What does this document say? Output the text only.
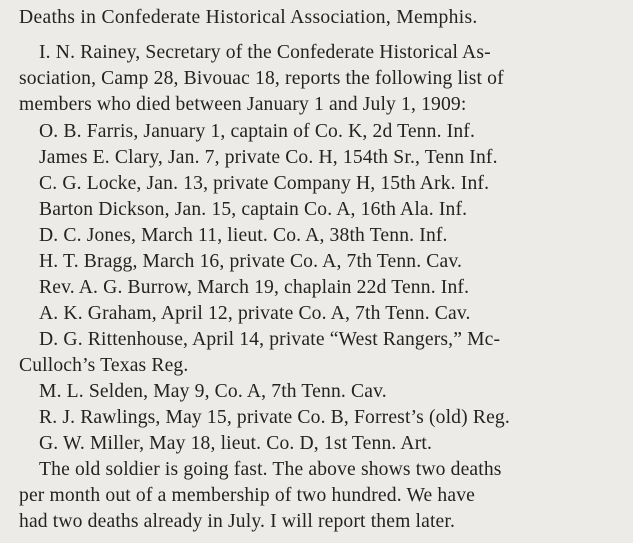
Deaths in Confederate Historical Association, Memphis.
I. N. Rainey, Secretary of the Confederate Historical As-
sociation, Camp 28, Bivouac 18, reports the following list of
members who died between January 1 and July 1, 1909:
O. B. Farris, January 1, captain of Co. K, 2d Tenn. Inf.
James E. Clary, Jan. 7, private Co. H, 154th Sr., Tenn Inf.
C. G. Locke, Jan. 13, private Company H, 15th Ark. Inf.
Barton Dickson, Jan. 15, captain Co. A, 16th Ala. Inf.
D. C. Jones, March 11, lieut. Co. A, 38th Tenn. Inf.
H. T. Bragg, March 16, private Co. A, 7th Tenn. Cav.
Rev. A. G. Burrow, March 19, chaplain 22d Tenn. Inf.
A. K. Graham, April 12, private Co. A, 7th Tenn. Cav.
D. G. Rittenhouse, April 14, private “West Rangers,” Mc-
Culloch’s Texas Reg.
M. L. Selden, May 9, Co. A, 7th Tenn. Cav.
R. J. Rawlings, May 15, private Co. B, Forrest’s (old) Reg.
G. W. Miller, May 18, lieut. Co. D, 1st Tenn. Art.
The old soldier is going fast. The above shows two deaths
per month out of a membership of two hundred. We have
had two deaths already in July. I will report them later.
